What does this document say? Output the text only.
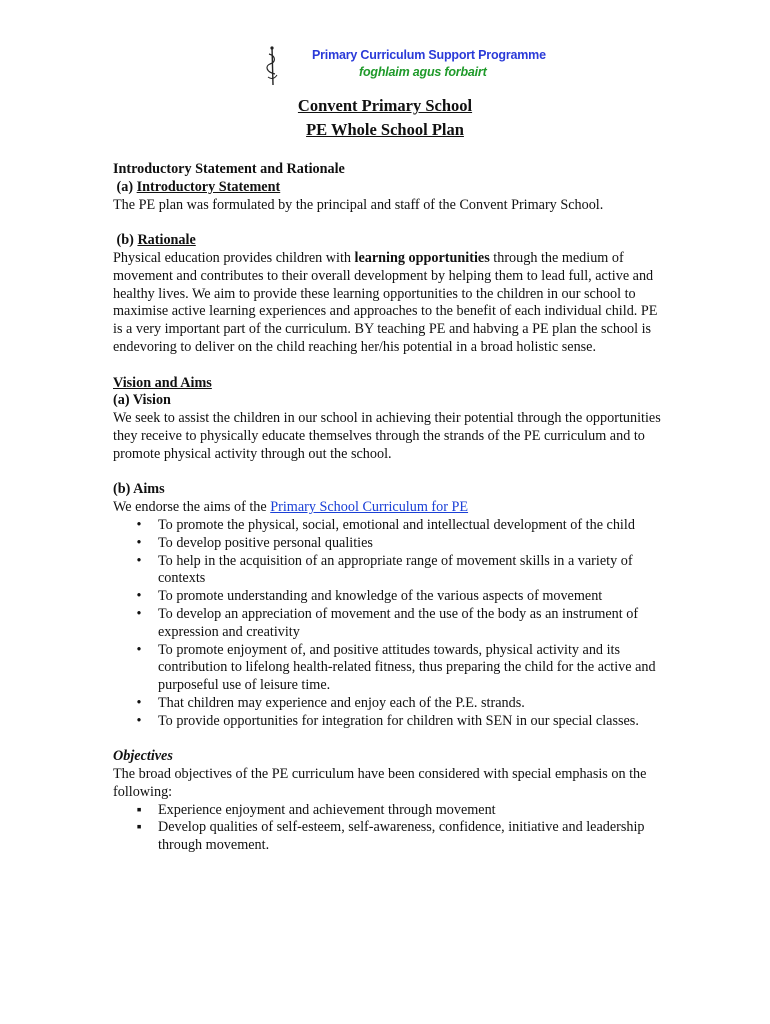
Primary Curriculum Support Programme
foghlaim agus forbairt
Convent Primary School
PE Whole School Plan

Introductory Statement and Rationale

(a) Introductory Statement

The PE plan was formulated by the principal and staff of the Convent Primary School.

(b) Rationale

Physical education provides children with learning opportunities through the medium of movement and contributes to their overall development by helping them to lead full, active and healthy lives. We aim to provide these learning opportunities to the children in our school to maximise active learning experiences and approaches to the benefit of each individual child. PE is a very important part of the curriculum. BY teaching PE and habving a PE plan the school is endevoring to deliver on the child reaching her/his potential in a broad holistic sense.

Vision and Aims

(a) Vision

We seek to assist the children in our school in achieving their potential through the opportunities they receive to physically educate themselves through the strands of the PE curriculum and to promote physical activity through out the school.

(b) Aims

We endorse the aims of the Primary School Curriculum for PE

•	To promote the physical, social, emotional and intellectual development of the child
•	To develop positive personal qualities
•	To help in the acquisition of an appropriate range of movement skills in a variety of contexts
•	To promote understanding and knowledge of the various aspects of movement
•	To develop an appreciation of movement and the use of the body as an instrument of expression and creativity
•	To promote enjoyment of, and positive attitudes towards, physical activity and its contribution to lifelong health-related fitness, thus preparing the child for the active and purposeful use of leisure time.
•	That children may experience and enjoy each of the P.E. strands.
•	To provide opportunities for integration for children with SEN in our special classes.

Objectives

The broad objectives of the PE curriculum have been considered with special emphasis on the following:

▪	Experience enjoyment and achievement through movement
▪	Develop qualities of self-esteem, self-awareness, confidence, initiative and leadership through movement.
